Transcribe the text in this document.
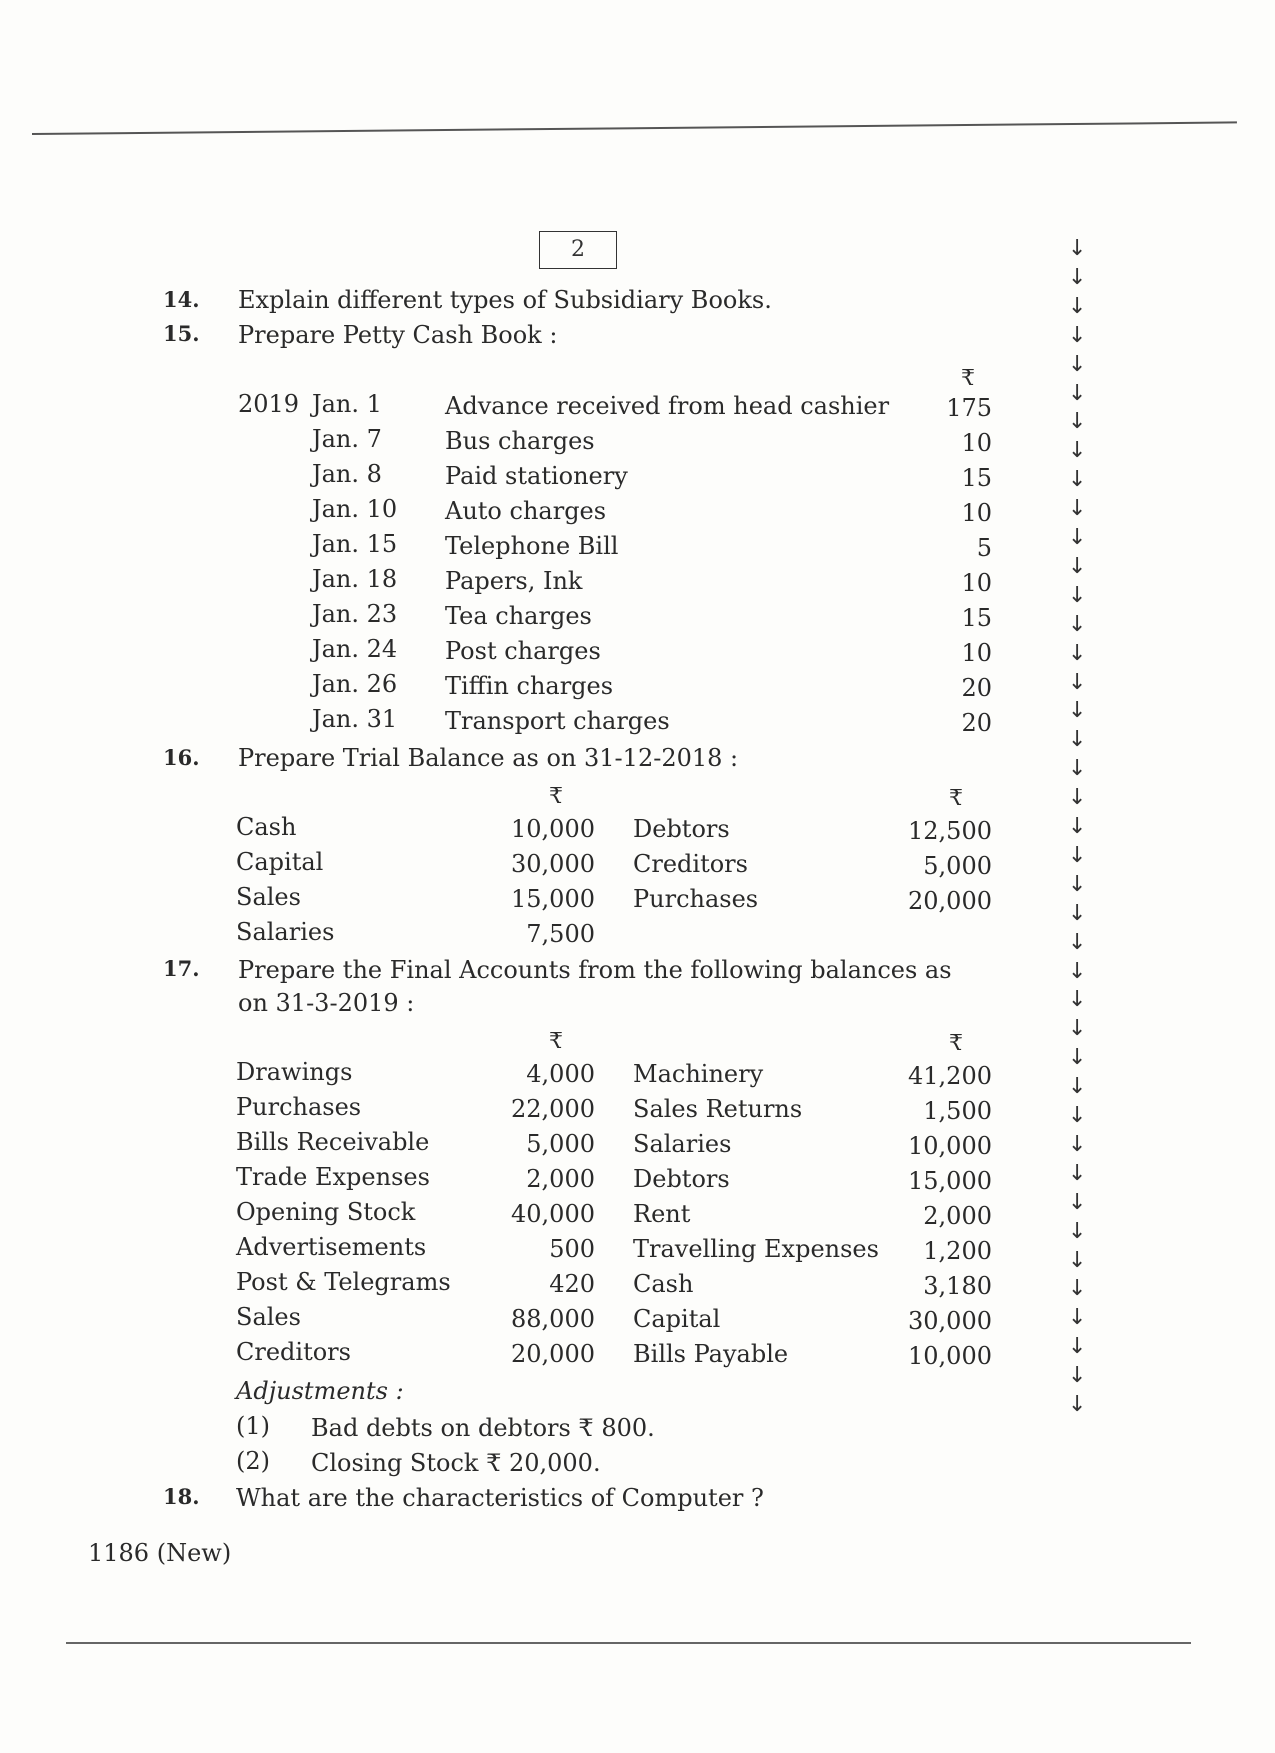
2
14. Explain different types of Subsidiary Books.
15. Prepare Petty Cash Book :
₹
2019 Jan. 1	Advance received from head cashier	175
Jan. 7	Bus charges	10
Jan. 8	Paid stationery	15
Jan. 10 Auto charges	10
Jan. 15 Telephone Bill	5
Jan. 18 Papers, Ink	10
Jan. 23 Tea charges	15
Jan. 24 Post charges	10
Jan. 26 Tiffin charges	20
Jan. 31 Transport charges	20
16. Prepare Trial Balance as on 31-12-2018 :
₹	₹
Cash	10,000 Debtors	12,500
Capital	30,000 Creditors	5,000
Sales	15,000 Purchases	20,000
Salaries	7,500
17. Prepare the Final Accounts from the following balances as
on 31-3-2019 :
₹	₹
Drawings	4,000 Machinery	41,200
Purchases	22,000 Sales Returns	1,500
Bills Receivable	5,000 Salaries	10,000
Trade Expenses	2,000 Debtors	15,000
Opening Stock	40,000 Rent	2,000
Advertisements	500 Travelling Expenses	1,200
Post & Telegrams	420 Cash	3,180
Sales	88,000 Capital	30,000
Creditors	20,000 Bills Payable	10,000
Adjustments :
(1) Bad debts on debtors ₹ 800.
(2) Closing Stock ₹ 20,000.
18. What are the characteristics of Computer ?
1186 (New)
↓
↓
↓
↓
↓
↓
↓
↓
↓
↓
↓
↓
↓
↓
↓
↓
↓
↓
↓
↓
↓
↓
↓
↓
↓
↓
↓
↓
↓
↓
↓
↓
↓
↓
↓
↓
↓
↓
↓
↓
↓
